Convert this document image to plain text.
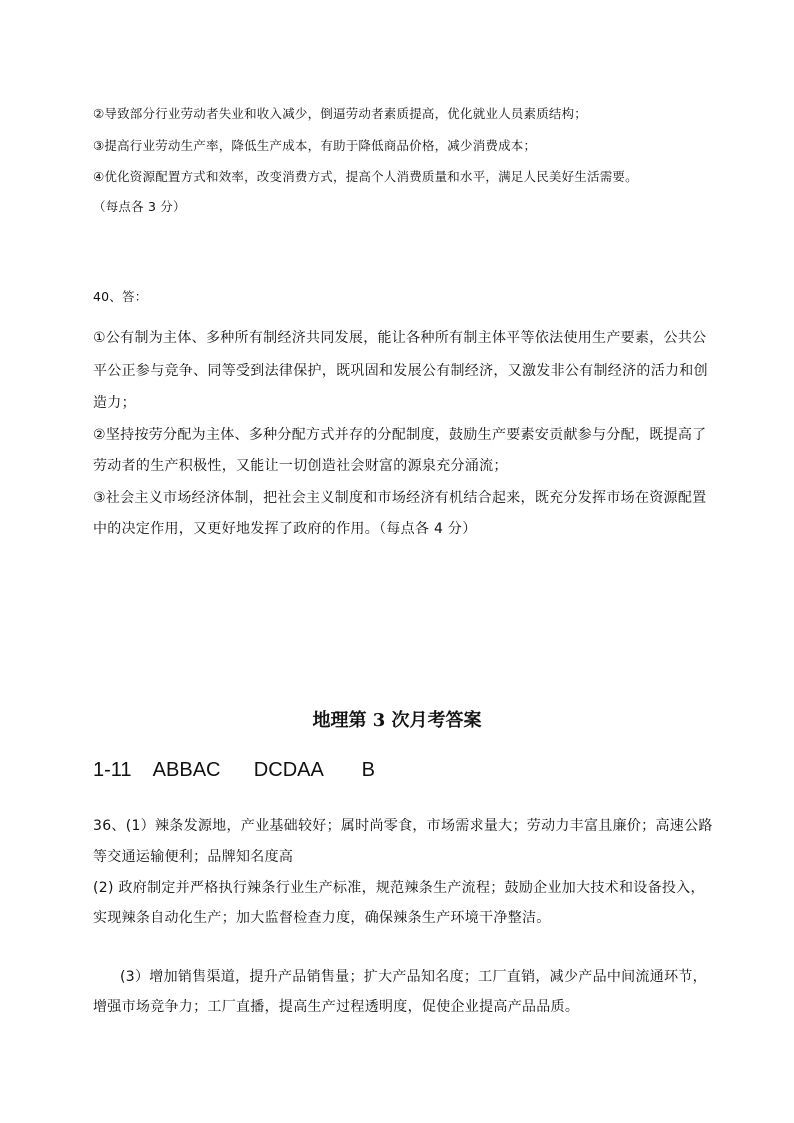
②导致部分行业劳动者失业和收入减少，倒逼劳动者素质提高，优化就业人员素质结构；
③提高行业劳动生产率，降低生产成本，有助于降低商品价格，减少消费成本；
④优化资源配置方式和效率，改变消费方式，提高个人消费质量和水平，满足人民美好生活需要。
（每点各 3 分）
40、答：
①公有制为主体、多种所有制经济共同发展，能让各种所有制主体平等依法使用生产要素，公共公
平公正参与竞争、同等受到法律保护，既巩固和发展公有制经济，又激发非公有制经济的活力和创
造力；
②坚持按劳分配为主体、多种分配方式并存的分配制度，鼓励生产要素安贡献参与分配，既提高了
劳动者的生产积极性，又能让一切创造社会财富的源泉充分涌流；
③社会主义市场经济体制，把社会主义制度和市场经济有机结合起来，既充分发挥市场在资源配置
中的决定作用，又更好地发挥了政府的作用。（每点各 4 分）
地理第 3 次月考答案
1-11    ABBAC      DCDAA       B
36、(1）辣条发源地，产业基础较好；属时尚零食，市场需求量大；劳动力丰富且廉价；高速公路
等交通运输便利；品牌知名度高
(2) 政府制定并严格执行辣条行业生产标准，规范辣条生产流程；鼓励企业加大技术和设备投入，
实现辣条自动化生产；加大监督检查力度，确保辣条生产环境干净整洁。
(3）增加销售渠道，提升产品销售量；扩大产品知名度；工厂直销，减少产品中间流通环节，
增强市场竞争力；工厂直播，提高生产过程透明度，促使企业提高产品品质。
